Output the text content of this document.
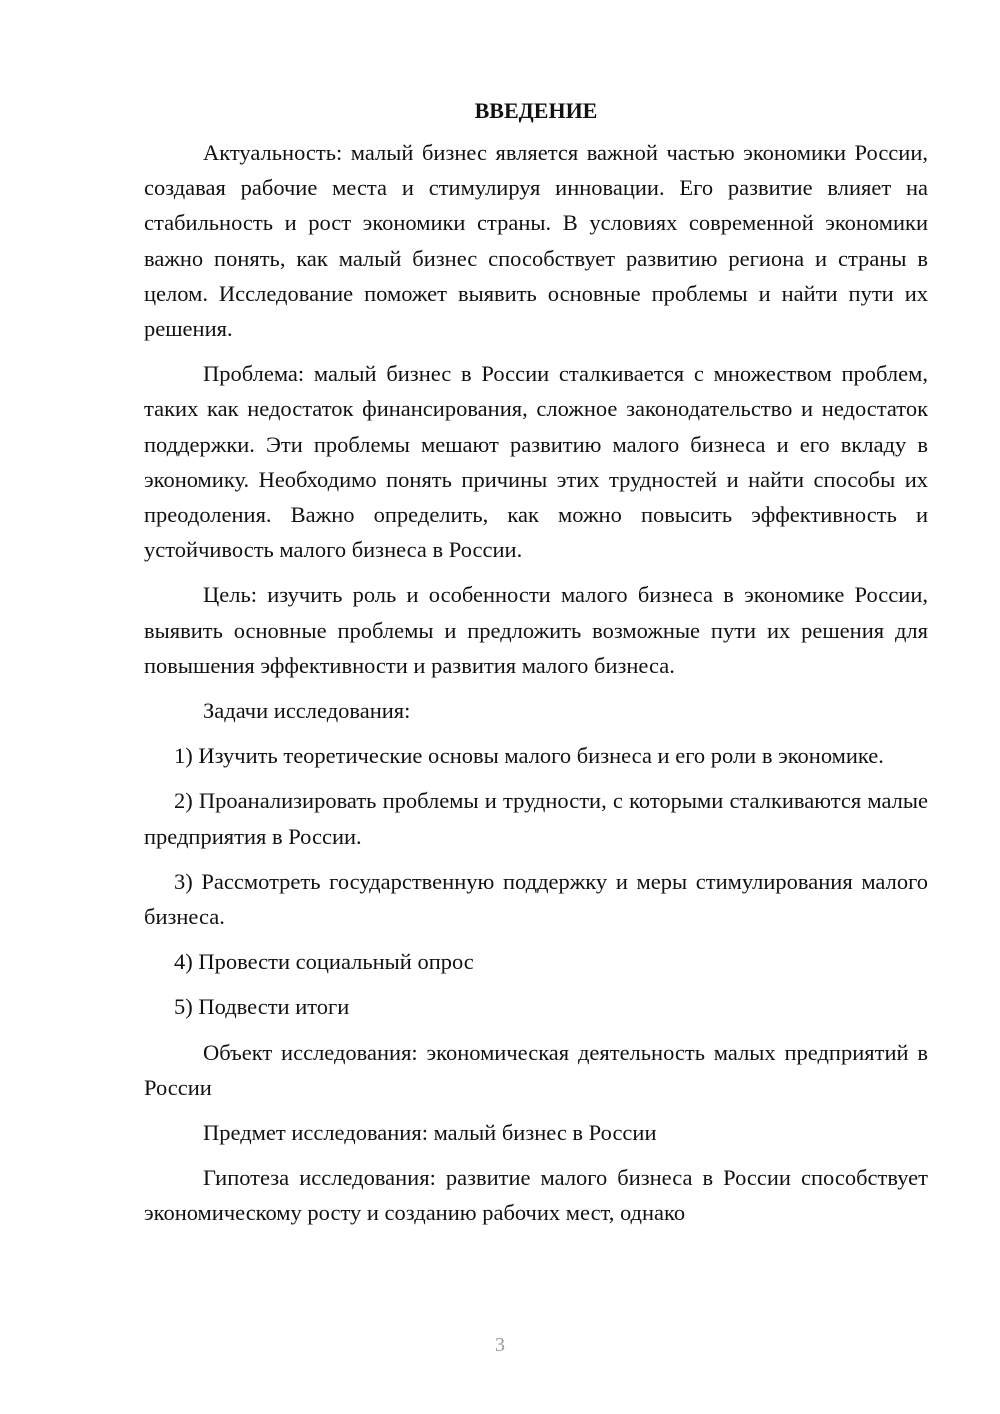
ВВЕДЕНИЕ

Актуальность: малый бизнес является важной частью экономики России, создавая рабочие места и стимулируя инновации. Его развитие влияет на стабильность и рост экономики страны. В условиях современной экономики важно понять, как малый бизнес способствует развитию региона и страны в целом. Исследование поможет выявить основные проблемы и найти пути их решения.

Проблема: малый бизнес в России сталкивается с множеством проблем, таких как недостаток финансирования, сложное законодательство и недостаток поддержки. Эти проблемы мешают развитию малого бизнеса и его вкладу в экономику. Необходимо понять причины этих трудностей и найти способы их преодоления. Важно определить, как можно повысить эффективность и устойчивость малого бизнеса в России.

Цель: изучить роль и особенности малого бизнеса в экономике России, выявить основные проблемы и предложить возможные пути их решения для повышения эффективности и развития малого бизнеса.

Задачи исследования:

1) Изучить теоретические основы малого бизнеса и его роли в экономике.

2) Проанализировать проблемы и трудности, с которыми сталкиваются малые предприятия в России.

3) Рассмотреть государственную поддержку и меры стимулирования малого бизнеса.

4) Провести социальный опрос

5) Подвести итоги

Объект исследования: экономическая деятельность малых предприятий в России

Предмет исследования: малый бизнес в России

Гипотеза исследования: развитие малого бизнеса в России способствует экономическому росту и созданию рабочих мест, однако

3
